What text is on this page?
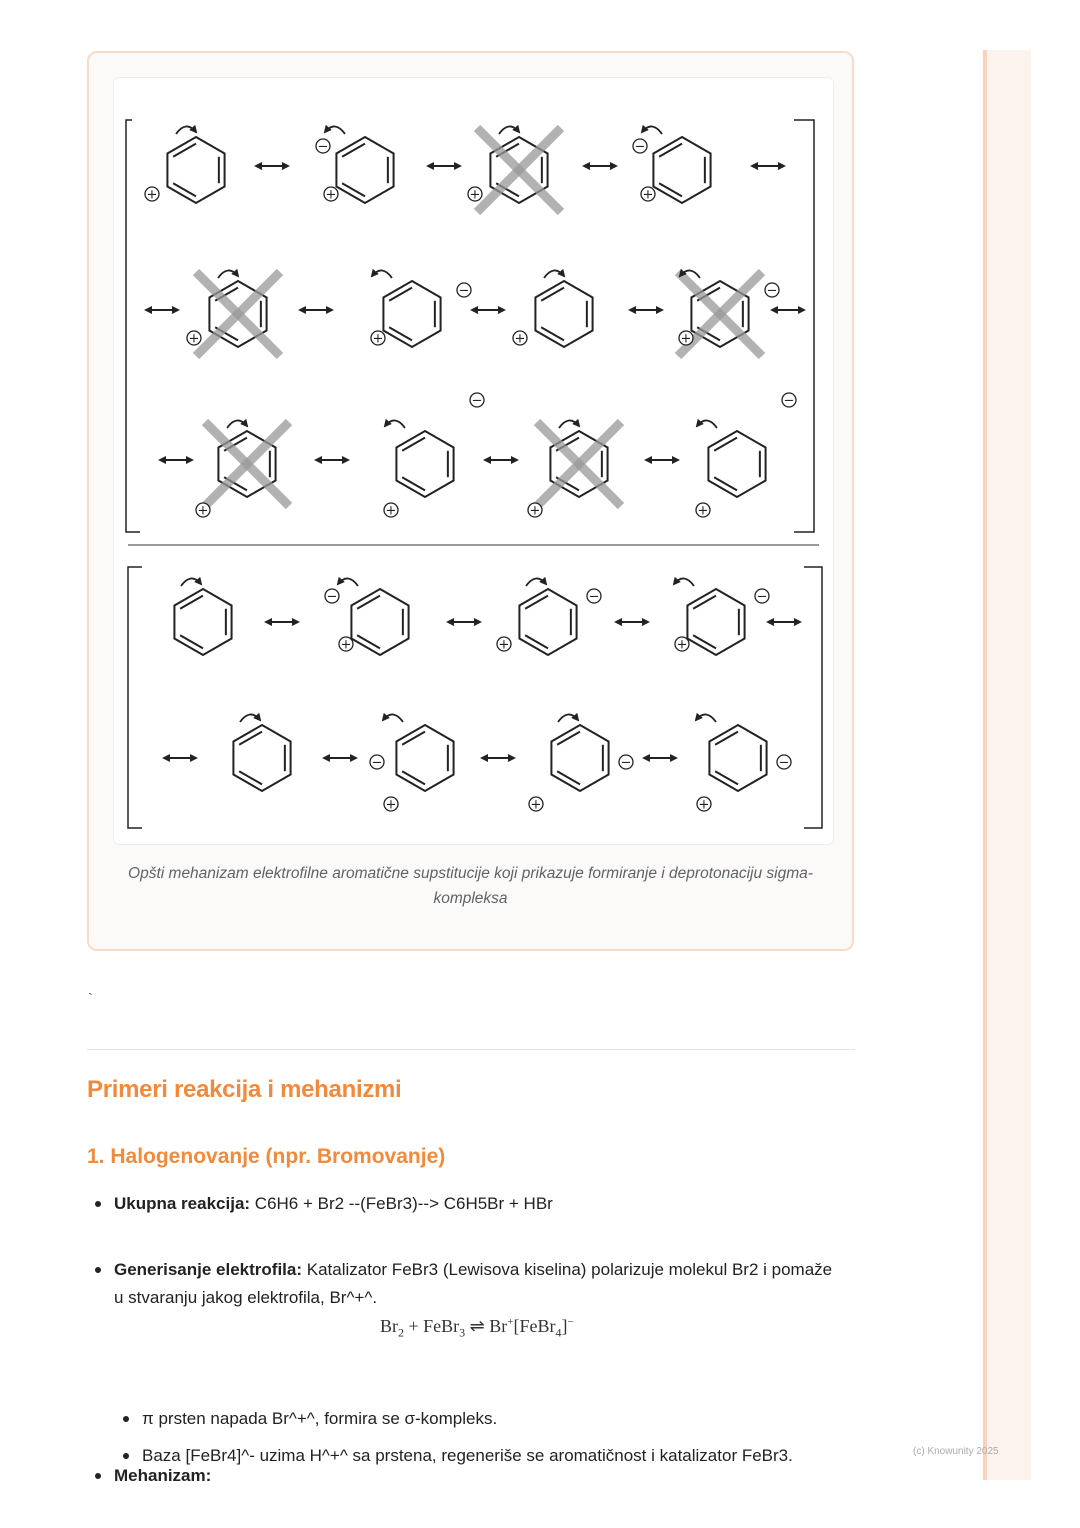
+	+
−
+	+
−
+	+
−
+	+
−
+	+
−
+	+
−
+
−
+
−
+
−
+
−
+
−
+
−
Opšti mehanizam elektrofilne aromatične supstitucije koji prikazuje formiranje i deprotonaciju sigma-kompleksa
`
Primeri reakcija i mehanizmi
1. Halogenovanje (npr. Bromovanje)
Ukupna reakcija: C6H6 + Br2 --(FeBr3)--> C6H5Br + HBr
Generisanje elektrofila: Katalizator FeBr3 (Lewisova kiselina) polarizuje molekul Br2 i pomaže u stvaranju jakog elektrofila, Br^+^.
Mehanizam:
$Br_2$ + FeBr$_3$ ⇌ Br+[FeBr$_4$]−
π prsten napada Br^+^, formira se σ-kompleks.
Baza [FeBr4]^- uzima H^+^ sa prstena, regeneriše se aromatičnost i katalizator FeBr3.	(c) Knowunity 2025
